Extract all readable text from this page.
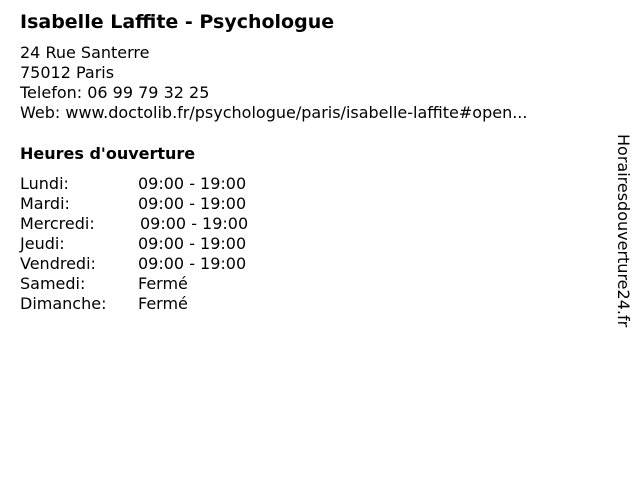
Isabelle Laffite - Psychologue
24 Rue Santerre
75012 Paris
Telefon: 06 99 79 32 25
Web: www.doctolib.fr/psychologue/paris/isabelle-laffite#open...
Heures d'ouverture
Lundi:	09:00 - 19:00
Mardi:	09:00 - 19:00
Mercredi:	09:00 - 19:00
Jeudi:	09:00 - 19:00
Vendredi:	09:00 - 19:00
Samedi:	Fermé
Dimanche: Fermé	Horairesdouverture24.fr
